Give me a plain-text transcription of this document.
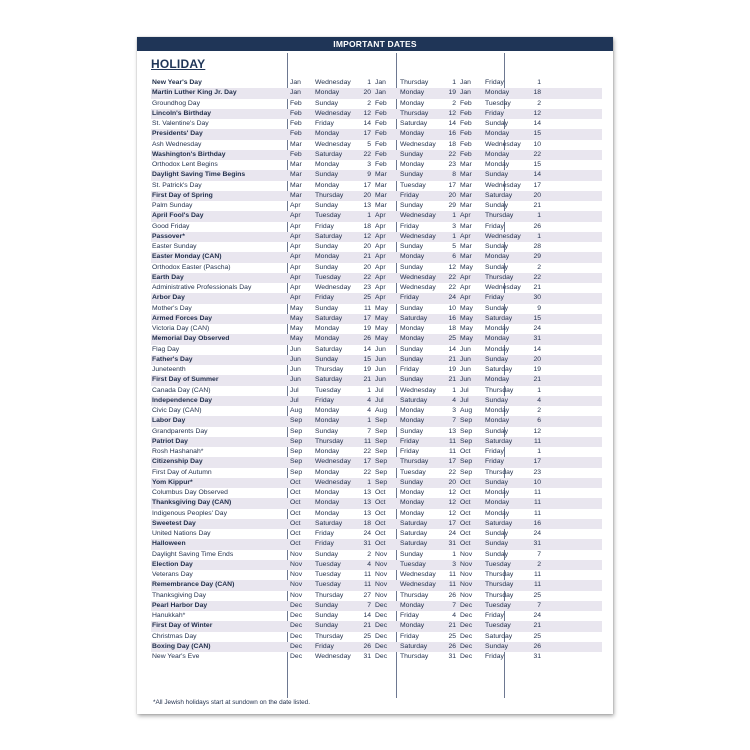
IMPORTANT DATES
HOLIDAY
New Year's Day	Jan	Wednesday	1 Jan	Thursday	1 Jan	Friday	1
Martin Luther King Jr. Day	Jan	Monday	20 Jan	Monday	19 Jan	Monday	18
Groundhog Day	Feb	Sunday	2 Feb	Monday	2 Feb	Tuesday	2
Lincoln's Birthday	Feb	Wednesday	12 Feb	Thursday	12 Feb	Friday	12
St. Valentine's Day	Feb	Friday	14 Feb	Saturday	14 Feb	Sunday	14
Presidents' Day	Feb	Monday	17 Feb	Monday	16 Feb	Monday	15
Ash Wednesday	Mar	Wednesday	5 Feb	Wednesday	18 Feb	Wednesday	10
Washington's Birthday	Feb	Saturday	22 Feb	Sunday	22 Feb	Monday	22
Orthodox Lent Begins	Mar	Monday	3 Feb	Monday	23 Mar	Monday	15
Daylight Saving Time Begins	Mar	Sunday	9 Mar	Sunday	8 Mar	Sunday	14
St. Patrick's Day	Mar	Monday	17 Mar	Tuesday	17 Mar	Wednesday	17
First Day of Spring	Mar	Thursday	20 Mar	Friday	20 Mar	Saturday	20
Palm Sunday	Apr	Sunday	13 Mar	Sunday	29 Mar	Sunday	21
April Fool's Day	Apr	Tuesday	1 Apr	Wednesday	1 Apr	Thursday	1
Good Friday	Apr	Friday	18 Apr	Friday	3 Mar	Friday	26
Passover*	Apr	Saturday	12 Apr	Wednesday	1 Apr	Wednesday	1
Easter Sunday	Apr	Sunday	20 Apr	Sunday	5 Mar	Sunday	28
Easter Monday (CAN)	Apr	Monday	21 Apr	Monday	6 Mar	Monday	29
Orthodox Easter (Pascha)	Apr	Sunday	20 Apr	Sunday	12 May	Sunday	2
Earth Day	Apr	Tuesday	22 Apr	Wednesday	22 Apr	Thursday	22
Administrative Professionals Day	Apr	Wednesday	23 Apr	Wednesday	22 Apr	Wednesday	21
Arbor Day	Apr	Friday	25 Apr	Friday	24 Apr	Friday	30
Mother's Day	May	Sunday	11 May	Sunday	10 May	Sunday	9
Armed Forces Day	May	Saturday	17 May	Saturday	16 May	Saturday	15
Victoria Day (CAN)	May	Monday	19 May	Monday	18 May	Monday	24
Memorial Day Observed	May	Monday	26 May	Monday	25 May	Monday	31
Flag Day	Jun	Saturday	14 Jun	Sunday	14 Jun	Monday	14
Father's Day	Jun	Sunday	15 Jun	Sunday	21 Jun	Sunday	20
Juneteenth	Jun	Thursday	19 Jun	Friday	19 Jun	Saturday	19
First Day of Summer	Jun	Saturday	21 Jun	Sunday	21 Jun	Monday	21
Canada Day (CAN)	Jul	Tuesday	1 Jul	Wednesday	1 Jul	Thursday	1
Independence Day	Jul	Friday	4 Jul	Saturday	4 Jul	Sunday	4
Civic Day (CAN)	Aug	Monday	4 Aug	Monday	3 Aug	Monday	2
Labor Day	Sep	Monday	1 Sep	Monday	7 Sep	Monday	6
Grandparents Day	Sep	Sunday	7 Sep	Sunday	13 Sep	Sunday	12
Patriot Day	Sep	Thursday	11 Sep	Friday	11 Sep	Saturday	11
Rosh Hashanah*	Sep	Monday	22 Sep	Friday	11 Oct	Friday	1
Citizenship Day	Sep	Wednesday	17 Sep	Thursday	17 Sep	Friday	17
First Day of Autumn	Sep	Monday	22 Sep	Tuesday	22 Sep	Thursday	23
Yom Kippur*	Oct	Wednesday	1 Sep	Sunday	20 Oct	Sunday	10
Columbus Day Observed	Oct	Monday	13 Oct	Monday	12 Oct	Monday	11
Thanksgiving Day (CAN)	Oct	Monday	13 Oct	Monday	12 Oct	Monday	11
Indigenous Peoples' Day	Oct	Monday	13 Oct	Monday	12 Oct	Monday	11
Sweetest Day	Oct	Saturday	18 Oct	Saturday	17 Oct	Saturday	16
United Nations Day	Oct	Friday	24 Oct	Saturday	24 Oct	Sunday	24
Halloween	Oct	Friday	31 Oct	Saturday	31 Oct	Sunday	31
Daylight Saving Time Ends	Nov	Sunday	2 Nov	Sunday	1 Nov	Sunday	7
Election Day	Nov	Tuesday	4 Nov	Tuesday	3 Nov	Tuesday	2
Veterans Day	Nov	Tuesday	11 Nov	Wednesday	11 Nov	Thursday	11
Remembrance Day (CAN)	Nov	Tuesday	11 Nov	Wednesday	11 Nov	Thursday	11
Thanksgiving Day	Nov	Thursday	27 Nov	Thursday	26 Nov	Thursday	25
Pearl Harbor Day	Dec	Sunday	7 Dec	Monday	7 Dec	Tuesday	7
Hanukkah*	Dec	Sunday	14 Dec	Friday	4 Dec	Friday	24
First Day of Winter	Dec	Sunday	21 Dec	Monday	21 Dec	Tuesday	21
Christmas Day	Dec	Thursday	25 Dec	Friday	25 Dec	Saturday	25
Boxing Day (CAN)	Dec	Friday	26 Dec	Saturday	26 Dec	Sunday	26
New Year's Eve	Dec	Wednesday	31 Dec	Thursday	31 Dec	Friday	31
*All Jewish holidays start at sundown on the date listed.
